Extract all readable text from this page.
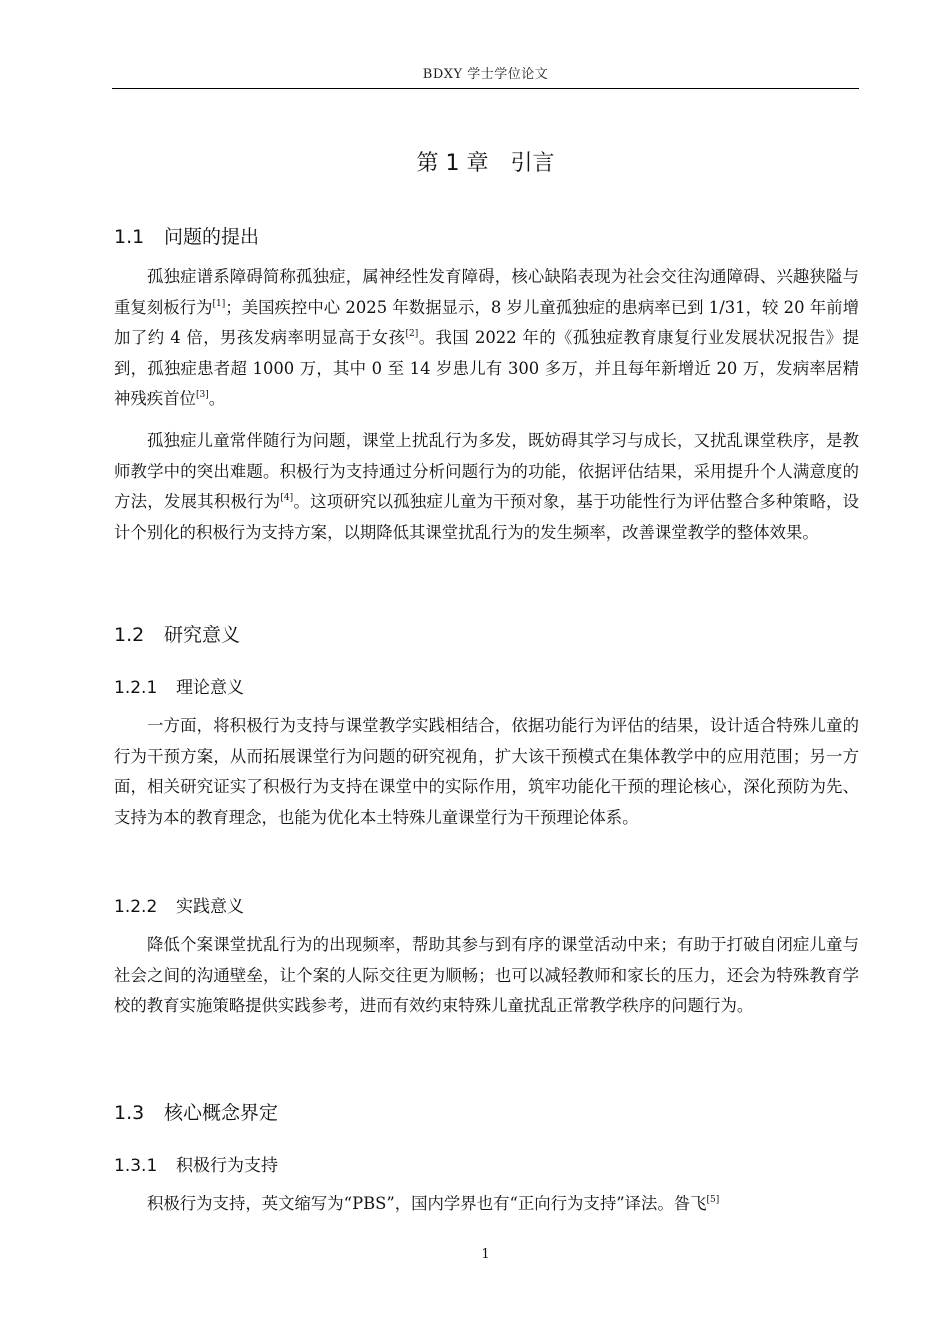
BDXY 学士学位论文
第 1 章 引言
1.1 问题的提出

孤独症谱系障碍简称孤独症，属神经性发育障碍，核心缺陷表现为社会交往沟通障碍、兴趣狭隘与重复刻板行为[1]；美国疾控中心 2025 年数据显示，8 岁儿童孤独症的患病率已到 1/31，较 20 年前增加了约 4 倍，男孩发病率明显高于女孩[2]。我国 2022 年的《孤独症教育康复行业发展状况报告》提到，孤独症患者超 1000 万，其中 0 至 14 岁患儿有 300 多万，并且每年新增近 20 万，发病率居精神残疾首位[3]。

孤独症儿童常伴随行为问题，课堂上扰乱行为多发，既妨碍其学习与成长，又扰乱课堂秩序，是教师教学中的突出难题。积极行为支持通过分析问题行为的功能，依据评估结果，采用提升个人满意度的方法，发展其积极行为[4]。这项研究以孤独症儿童为干预对象，基于功能性行为评估整合多种策略，设计个别化的积极行为支持方案，以期降低其课堂扰乱行为的发生频率，改善课堂教学的整体效果。

1.2 研究意义
1.2.1 理论意义

一方面，将积极行为支持与课堂教学实践相结合，依据功能行为评估的结果，设计适合特殊儿童的行为干预方案，从而拓展课堂行为问题的研究视角，扩大该干预模式在集体教学中的应用范围；另一方面，相关研究证实了积极行为支持在课堂中的实际作用，筑牢功能化干预的理论核心，深化预防为先、支持为本的教育理念，也能为优化本土特殊儿童课堂行为干预理论体系。

1.2.2 实践意义

降低个案课堂扰乱行为的出现频率，帮助其参与到有序的课堂活动中来；有助于打破自闭症儿童与社会之间的沟通壁垒，让个案的人际交往更为顺畅；也可以减轻教师和家长的压力，还会为特殊教育学校的教育实施策略提供实践参考，进而有效约束特殊儿童扰乱正常教学秩序的问题行为。

1.3 核心概念界定
1.3.1 积极行为支持

积极行为支持，英文缩写为“PBS”，国内学界也有“正向行为支持”译法。昝飞[5]

1
